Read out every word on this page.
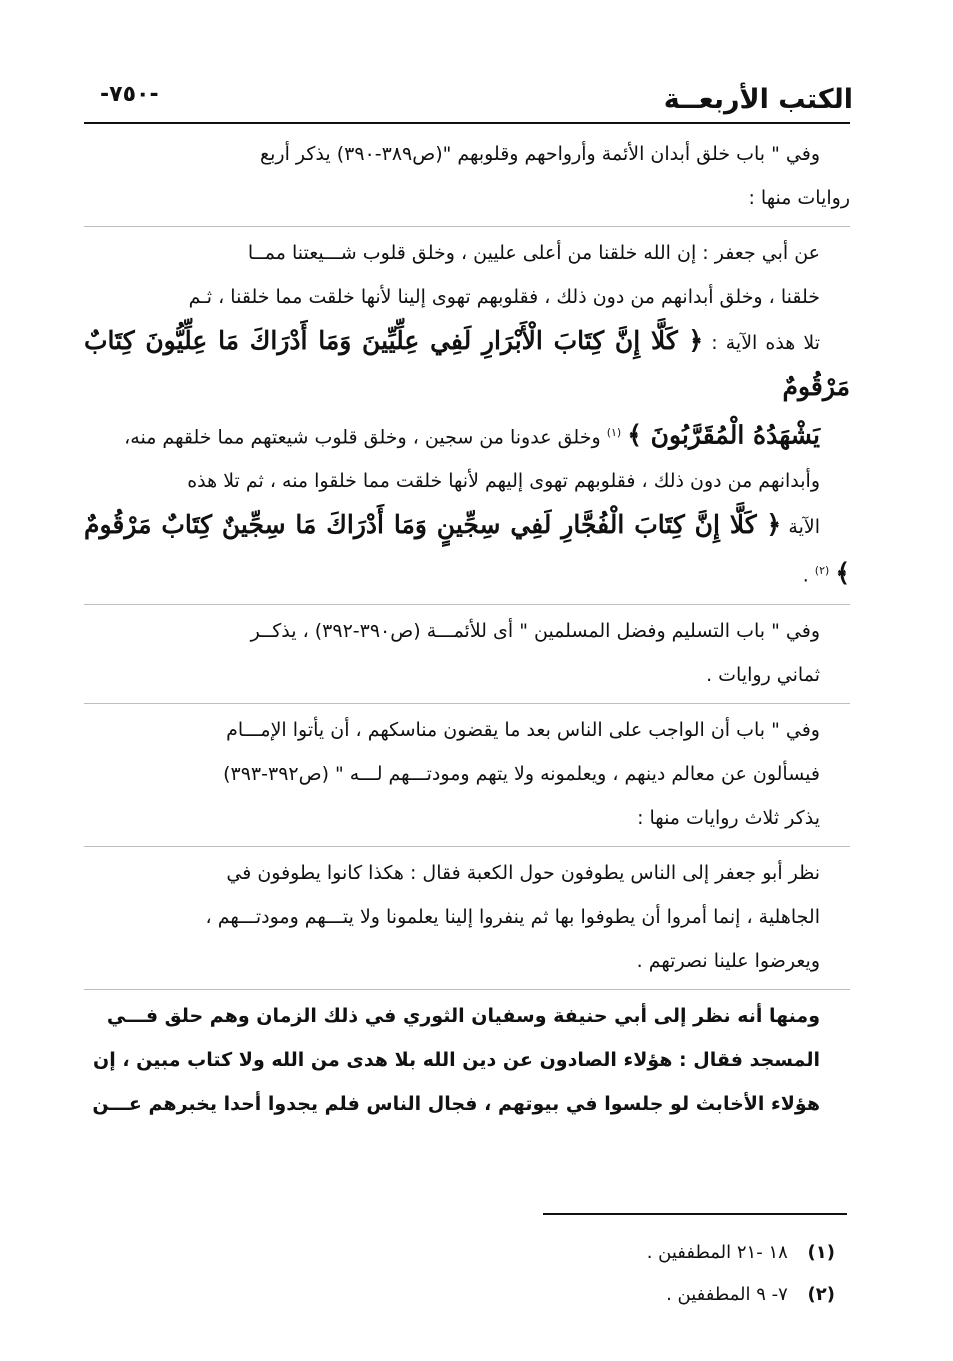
الكتب الأربعــة
-٧٥٠-

وفي " باب خلق أبدان الأئمة وأرواحهم وقلوبهم "(ص٣٨٩-٣٩٠) يذكر أربع
روايات منها :

عن أبي جعفر : إن الله خلقنا من أعلى عليين ، وخلق قلوب شـــيعتنا ممــا
خلقنا ، وخلق أبدانهم من دون ذلك ، فقلوبهم تهوى إلينا لأنها خلقت مما خلقنا ، ثـم
تلا هذه الآية : ﴿ كَلَّا إِنَّ كِتَابَ الْأَبْرَارِ لَفِي عِلِّيِّينَ وَمَا أَدْرَاكَ مَا عِلِّيُّونَ كِتَابٌ مَرْقُومٌ
يَشْهَدُهُ الْمُقَرَّبُونَ ﴾ $^{(١)}$ وخلق عدونا من سجين ، وخلق قلوب شيعتهم مما خلقهم منه،
وأبدانهم من دون ذلك ، فقلوبهم تهوى إليهم لأنها خلقت مما خلقوا منه ، ثم تلا هذه
الآية ﴿ كَلَّا إِنَّ كِتَابَ الْفُجَّارِ لَفِي سِجِّينٍ وَمَا أَدْرَاكَ مَا سِجِّينٌ كِتَابٌ مَرْقُومٌ ﴾ $^{(٢)}$ .

وفي " باب التسليم وفضل المسلمين " أى للأئمـــة (ص٣٩٠-٣٩٢) ، يذكــر
ثماني روايات .

وفي " باب أن الواجب على الناس بعد ما يقضون مناسكهم ، أن يأتوا الإمـــام
فيسألون عن معالم دينهم ، ويعلمونه ولا يتهم ومودتـــهم لـــه " (ص٣٩٢-٣٩٣)
يذكر ثلاث روايات منها :

نظر أبو جعفر إلى الناس يطوفون حول الكعبة فقال : هكذا كانوا يطوفون في
الجاهلية ، إنما أمروا أن يطوفوا بها ثم ينفروا إلينا يعلمونا ولا يتـــهم ومودتـــهم ،
ويعرضوا علينا نصرتهم .

ومنها أنه نظر إلى أبي حنيفة وسفيان الثوري في ذلك الزمان وهم حلق فـــي
المسجد فقال : هؤلاء الصادون عن دين الله بلا هدى من الله ولا كتاب مبين ، إن
هؤلاء الأخابث لو جلسوا في بيوتهم ، فجال الناس فلم يجدوا أحدا يخبرهم عـــن

(١) ١٨ -٢١ المطففين .
(٢) ٧- ٩ المطففين .
